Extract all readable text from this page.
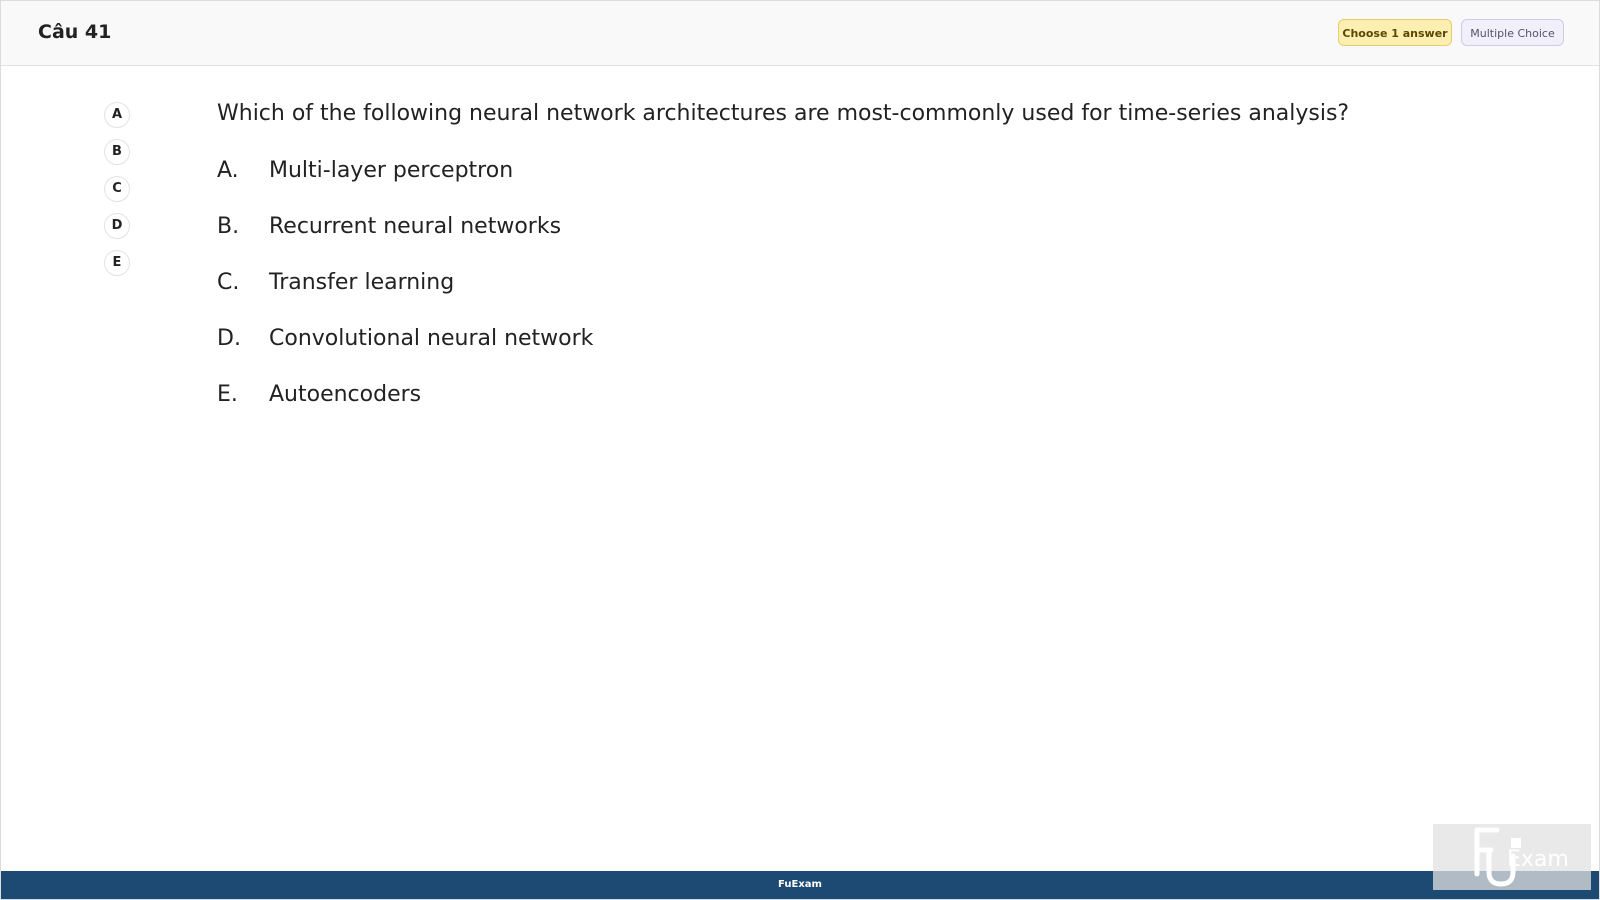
Câu 41	Choose 1 answer	Multiple Choice
A
B
C
D
E
Which of the following neural network architectures are most-commonly used for time-series analysis?
A. Multi-layer perceptron
B. Recurrent neural networks
C. Transfer learning
D. Convolutional neural network
E. Autoencoders
FuExam
Exam
